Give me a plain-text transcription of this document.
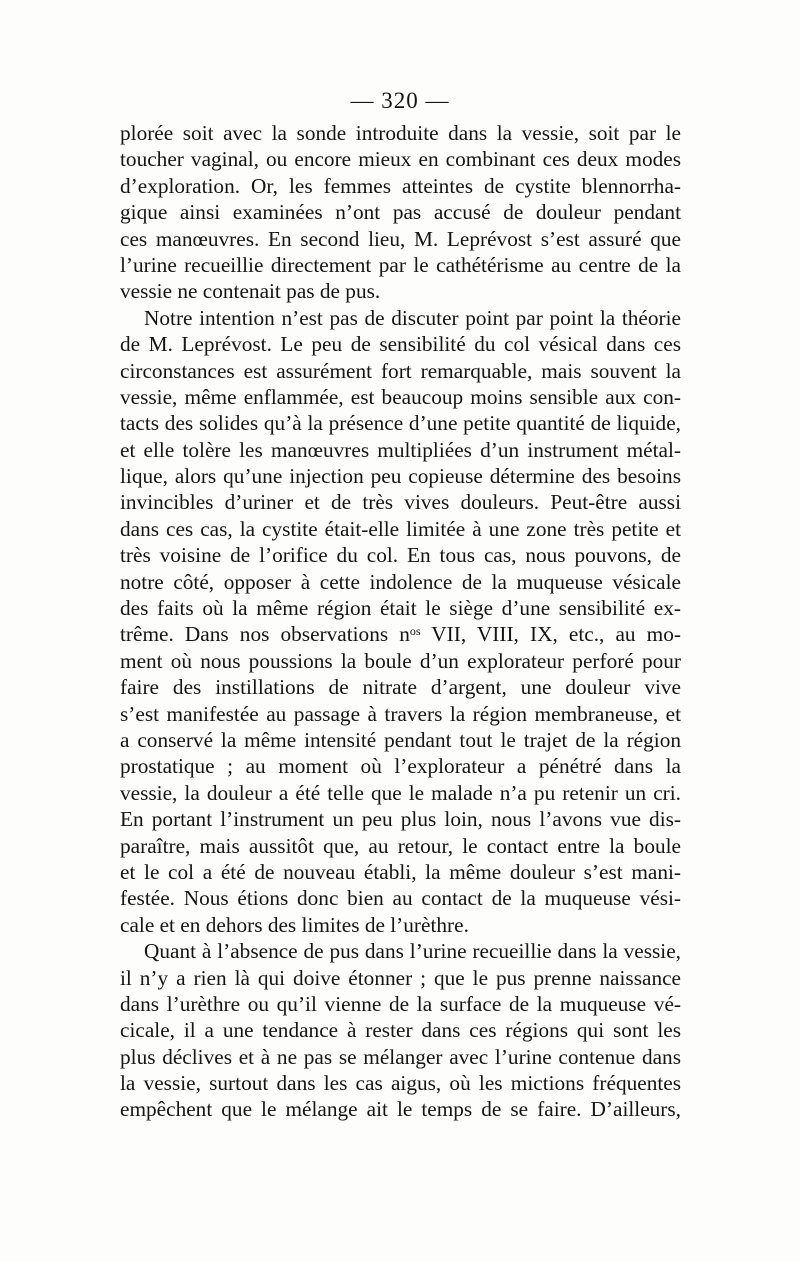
— 320 —
plorée soit avec la sonde introduite dans la vessie, soit par le
toucher vaginal, ou encore mieux en combinant ces deux modes
d’exploration. Or, les femmes atteintes de cystite blennorrha-
gique ainsi examinées n’ont pas accusé de douleur pendant
ces manœuvres. En second lieu, M. Leprévost s’est assuré que
l’urine recueillie directement par le cathétérisme au centre de la
vessie ne contenait pas de pus.
Notre intention n’est pas de discuter point par point la théorie
de M. Leprévost. Le peu de sensibilité du col vésical dans ces
circonstances est assurément fort remarquable, mais souvent la
vessie, même enflammée, est beaucoup moins sensible aux con-
tacts des solides qu’à la présence d’une petite quantité de liquide,
et elle tolère les manœuvres multipliées d’un instrument métal-
lique, alors qu’une injection peu copieuse détermine des besoins
invincibles d’uriner et de très vives douleurs. Peut-être aussi
dans ces cas, la cystite était-elle limitée à une zone très petite et
très voisine de l’orifice du col. En tous cas, nous pouvons, de
notre côté, opposer à cette indolence de la muqueuse vésicale
des faits où la même région était le siège d’une sensibilité ex-
trême. Dans nos observations $n^{os}$ VII, VIII, IX, etc., au mo-
ment où nous poussions la boule d’un explorateur perforé pour
faire des instillations de nitrate d’argent, une douleur vive
s’est manifestée au passage à travers la région membraneuse, et
a conservé la même intensité pendant tout le trajet de la région
prostatique ; au moment où l’explorateur a pénétré dans la
vessie, la douleur a été telle que le malade n’a pu retenir un cri.
En portant l’instrument un peu plus loin, nous l’avons vue dis-
paraître, mais aussitôt que, au retour, le contact entre la boule
et le col a été de nouveau établi, la même douleur s’est mani-
festée. Nous étions donc bien au contact de la muqueuse vési-
cale et en dehors des limites de l’urèthre.
Quant à l’absence de pus dans l’urine recueillie dans la vessie,
il n’y a rien là qui doive étonner ; que le pus prenne naissance
dans l’urèthre ou qu’il vienne de la surface de la muqueuse vé-
cicale, il a une tendance à rester dans ces régions qui sont les
plus déclives et à ne pas se mélanger avec l’urine contenue dans
la vessie, surtout dans les cas aigus, où les mictions fréquentes
empêchent que le mélange ait le temps de se faire. D’ailleurs,
